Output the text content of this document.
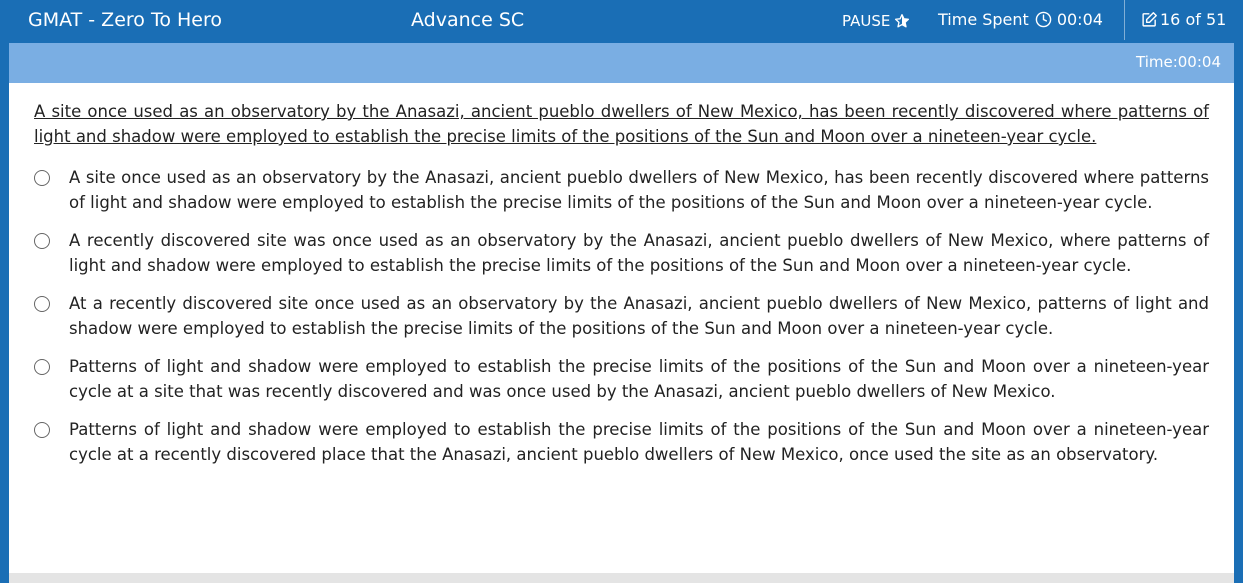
GMAT - Zero To Hero	Advance SC	PAUSE	Time Spent 00:04	16 of 51
Time:00:04

A site once used as an observatory by the Anasazi, ancient pueblo dwellers of New Mexico, has been recently discovered where patterns of light and shadow were employed to establish the precise limits of the positions of the Sun and Moon over a nineteen-year cycle.

A site once used as an observatory by the Anasazi, ancient pueblo dwellers of New Mexico, has been recently discovered where patterns of light and shadow were employed to establish the precise limits of the positions of the Sun and Moon over a nineteen-year cycle.
A recently discovered site was once used as an observatory by the Anasazi, ancient pueblo dwellers of New Mexico, where patterns of light and shadow were employed to establish the precise limits of the positions of the Sun and Moon over a nineteen-year cycle.
At a recently discovered site once used as an observatory by the Anasazi, ancient pueblo dwellers of New Mexico, patterns of light and shadow were employed to establish the precise limits of the positions of the Sun and Moon over a nineteen-year cycle.
Patterns of light and shadow were employed to establish the precise limits of the positions of the Sun and Moon over a nineteen-year cycle at a site that was recently discovered and was once used by the Anasazi, ancient pueblo dwellers of New Mexico.
Patterns of light and shadow were employed to establish the precise limits of the positions of the Sun and Moon over a nineteen-year cycle at a recently discovered place that the Anasazi, ancient pueblo dwellers of New Mexico, once used the site as an observatory.
